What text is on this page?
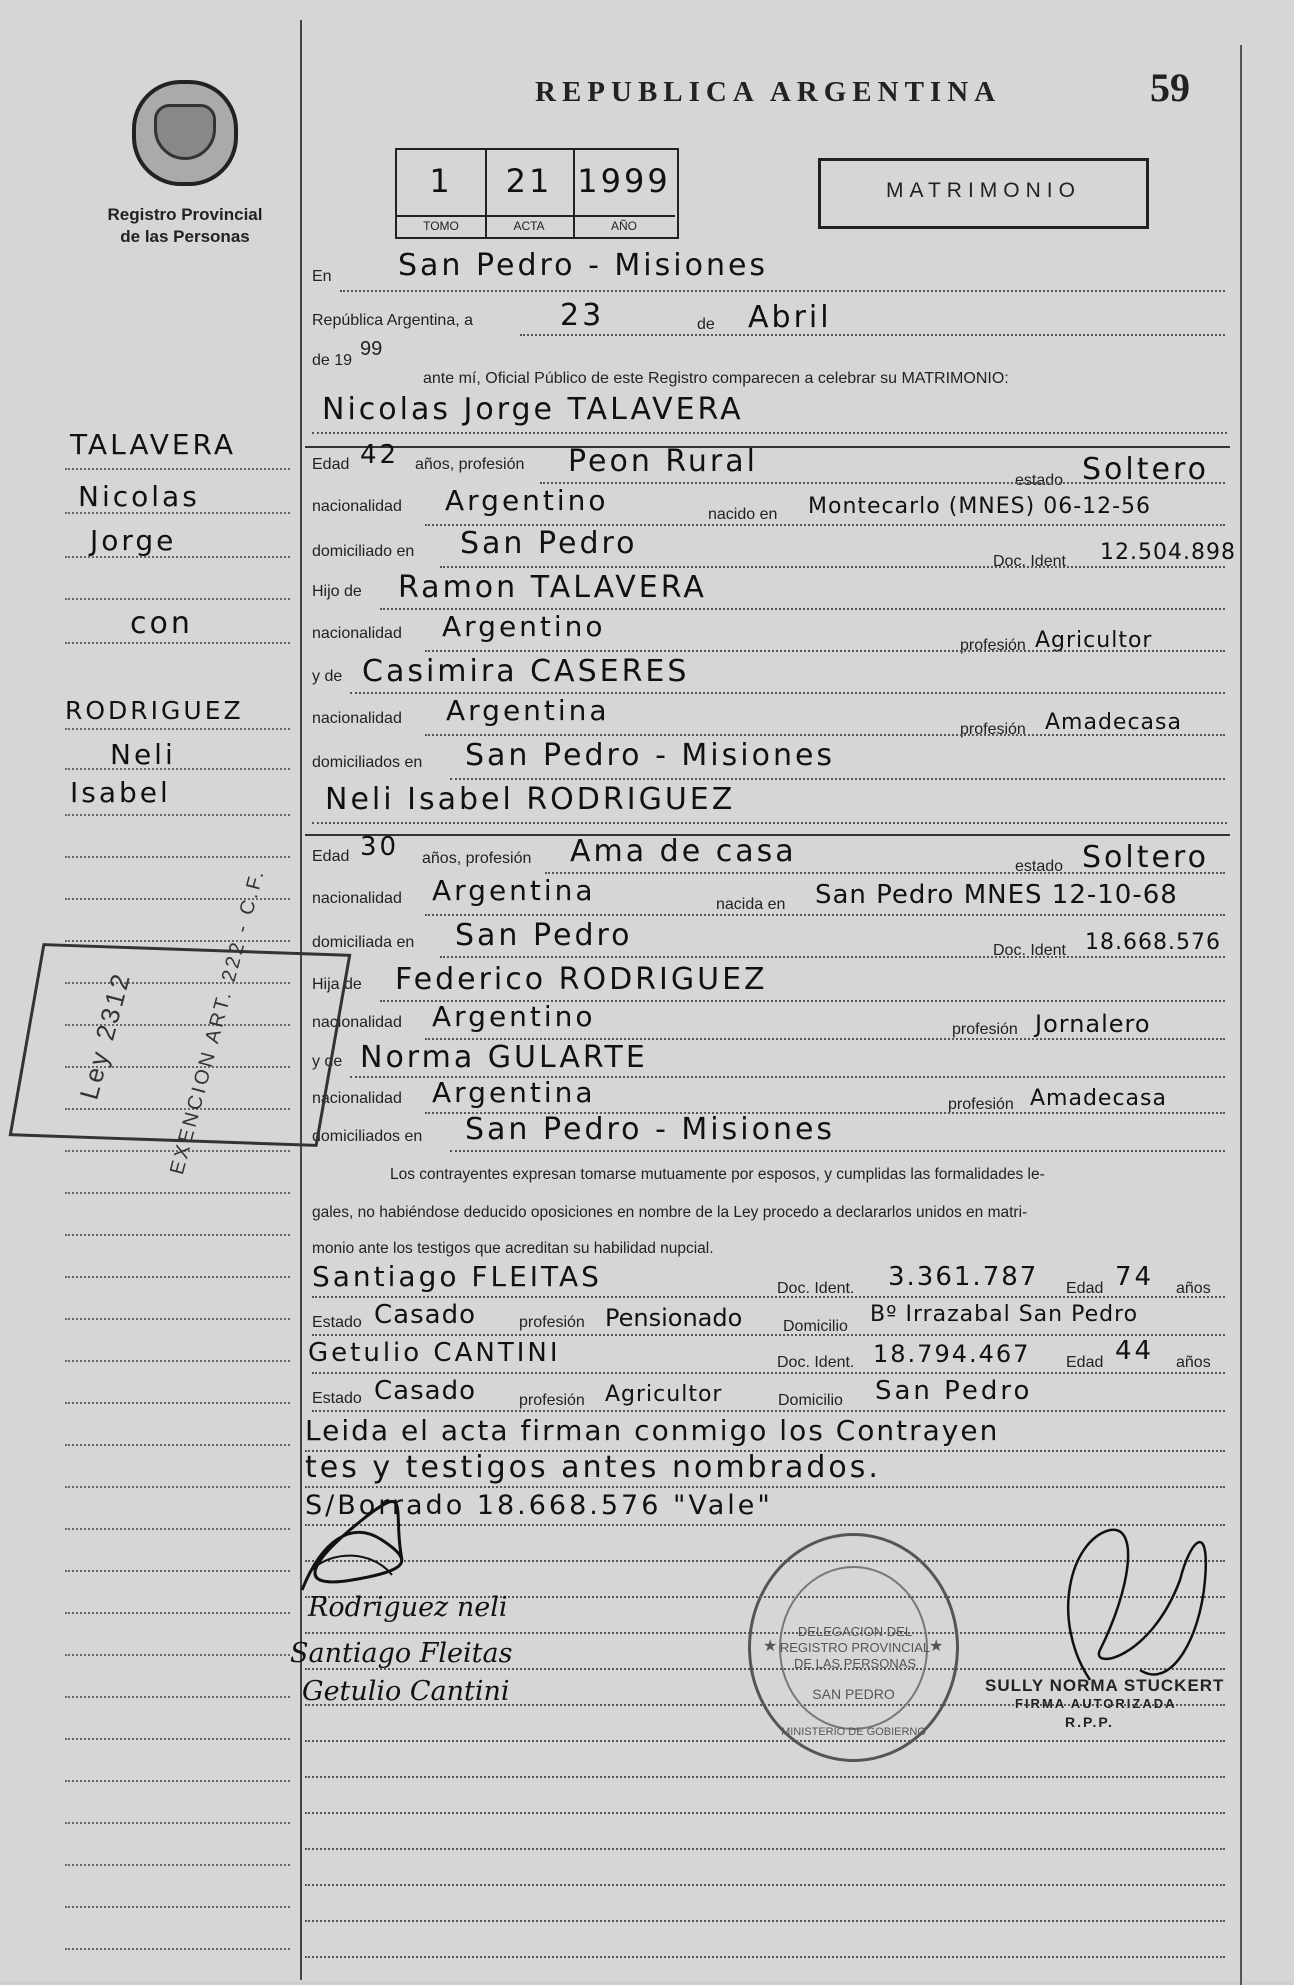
Registro Provincial
de las Personas
REPUBLICA ARGENTINA	59
1
TOMO
21
ACTA
1999
AÑO
MATRIMONIO
En San Pedro - Misiones
República Argentina, a	23	de Abril
de 19
99
ante mí, Oficial Público de este Registro comparecen a celebrar su MATRIMONIO:
Nicolas Jorge TALAVERA
TALAVERA
Nicolas
Jorge
con
RODRIGUEZ
Neli
Isabel
Edad 42 años, profesión Peon Rural
estado Soltero
nacionalidad Argentino	nacido en Montecarlo (MNES) 06-12-56
domiciliado en San Pedro
Doc. Ident 12.504.898
Hijo de Ramon TALAVERA
nacionalidad Argentino
profesión Agricultor
y de Casimira CASERES
nacionalidad Argentina
profesión Amadecasa
domiciliados en San Pedro - Misiones
Neli Isabel RODRIGUEZ
Edad 30 años, profesión Ama de casa	estado Soltero
nacionalidad Argentina	nacida en San Pedro MNES 12-10-68
domiciliada en San Pedro	Doc. Ident 18.668.576
Hija de Federico RODRIGUEZ
nacionalidad Argentino	profesión Jornalero
y de Norma GULARTE
nacionalidad Argentina	profesión Amadecasa
domiciliados en San Pedro - Misiones
Los contrayentes expresan tomarse mutuamente por esposos, y cumplidas las formalidades le-
gales, no habiéndose deducido oposiciones en nombre de la Ley procedo a declararlos unidos en matri-
monio ante los testigos que acreditan su habilidad nupcial.
Santiago FLEITAS	Doc. Ident. 3.361.787 Edad 74 años
Estado Casado	profesión Pensionado	Domicilio Bº Irrazabal San Pedro
Getulio CANTINI	Doc. Ident. 18.794.467 Edad 44 años
Estado Casado	profesión Agricultor	Domicilio San Pedro
Leida el acta firman conmigo los Contrayen
tes y testigos antes nombrados.
S/Borrado 18.668.576 "Vale"
Ley 2312 EXENCION ART. 222 - C.F.
Rodriguez neli
Santiago Fleitas
Getulio Cantini
DELEGACION DEL REGISTRO PROVINCIAL DE LAS PERSONAS
SAN PEDRO
MINISTERIO DE GOBIERNO
★	★
SULLY NORMA STUCKERT
FIRMA AUTORIZADA
R.P.P.
